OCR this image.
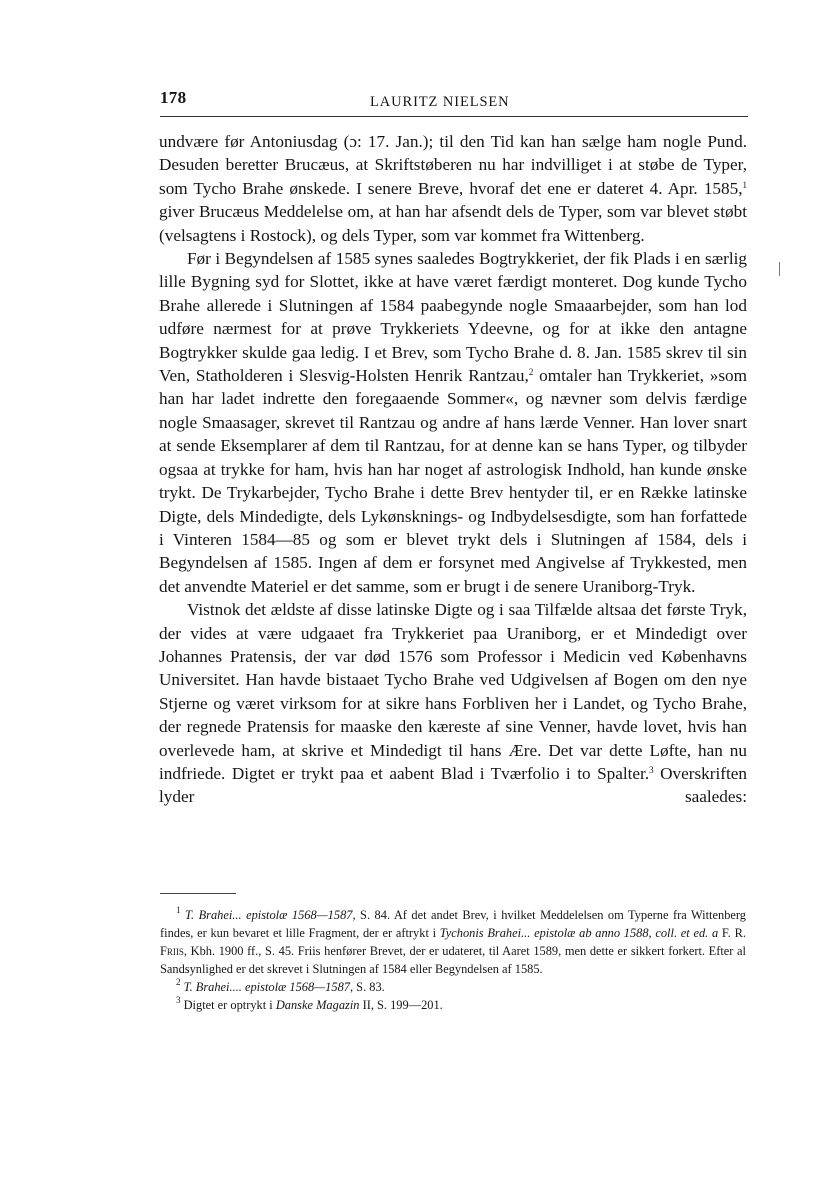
178	LAURITZ NIELSEN

undvære før Antoniusdag (ɔ: 17. Jan.); til den Tid kan han sælge ham nogle Pund. Desuden beretter Brucæus, at Skriftstøberen nu har indvilliget i at støbe de Typer, som Tycho Brahe ønskede. I senere Breve, hvoraf det ene er dateret 4. Apr. 1585,$^1$ giver Brucæus Meddelelse om, at han har afsendt dels de Typer, som var blevet støbt (velsagtens i Rostock), og dels Typer, som var kommet fra Wittenberg.

Før i Begyndelsen af 1585 synes saaledes Bogtrykkeriet, der fik Plads i en særlig lille Bygning syd for Slottet, ikke at have været færdigt monteret. Dog kunde Tycho Brahe allerede i Slutningen af 1584 paabegynde nogle Smaaarbejder, som han lod udføre nærmest for at prøve Trykkeriets Ydeevne, og for at ikke den antagne Bogtrykker skulde gaa ledig. I et Brev, som Tycho Brahe d. 8. Jan. 1585 skrev til sin Ven, Statholderen i Slesvig-Holsten Henrik Rantzau,$^2$ omtaler han Trykkeriet, »som han har ladet indrette den foregaaende Sommer«, og nævner som delvis færdige nogle Smaasager, skrevet til Rantzau og andre af hans lærde Venner. Han lover snart at sende Eksemplarer af dem til Rantzau, for at denne kan se hans Typer, og tilbyder ogsaa at trykke for ham, hvis han har noget af astrologisk Indhold, han kunde ønske trykt. De Trykarbejder, Tycho Brahe i dette Brev hentyder til, er en Række latinske Digte, dels Mindedigte, dels Lykønsknings- og Indbydelsesdigte, som han forfattede i Vinteren 1584—85 og som er blevet trykt dels i Slutningen af 1584, dels i Begyndelsen af 1585. Ingen af dem er forsynet med Angivelse af Trykkested, men det anvendte Materiel er det samme, som er brugt i de senere Uraniborg-Tryk.

Vistnok det ældste af disse latinske Digte og i saa Tilfælde altsaa det første Tryk, der vides at være udgaaet fra Trykkeriet paa Uraniborg, er et Mindedigt over Johannes Pratensis, der var død 1576 som Professor i Medicin ved Københavns Universitet. Han havde bistaaet Tycho Brahe ved Udgivelsen af Bogen om den nye Stjerne og været virksom for at sikre hans Forbliven her i Landet, og Tycho Brahe, der regnede Pratensis for maaske den kæreste af sine Venner, havde lovet, hvis han overlevede ham, at skrive et Mindedigt til hans Ære. Det var dette Løfte, han nu indfriede. Digtet er trykt paa et aabent Blad i Tværfolio i to Spalter.$^3$ Overskriften lyder saaledes:

$^1$ T. Brahei... epistolæ 1568—1587, S. 84. Af det andet Brev, i hvilket Meddelelsen om Typerne fra Wittenberg findes, er kun bevaret et lille Fragment, der er aftrykt i Tychonis Brahei... epistolæ ab anno 1588, coll. et ed. a F. R. Friis, Kbh. 1900 ff., S. 45. Friis henfører Brevet, der er udateret, til Aaret 1589, men dette er sikkert forkert. Efter al Sandsynlighed er det skrevet i Slutningen af 1584 eller Begyndelsen af 1585.

$^2$ T. Brahei.... epistolæ 1568—1587, S. 83.

$^3$ Digtet er optrykt i Danske Magazin II, S. 199—201.
